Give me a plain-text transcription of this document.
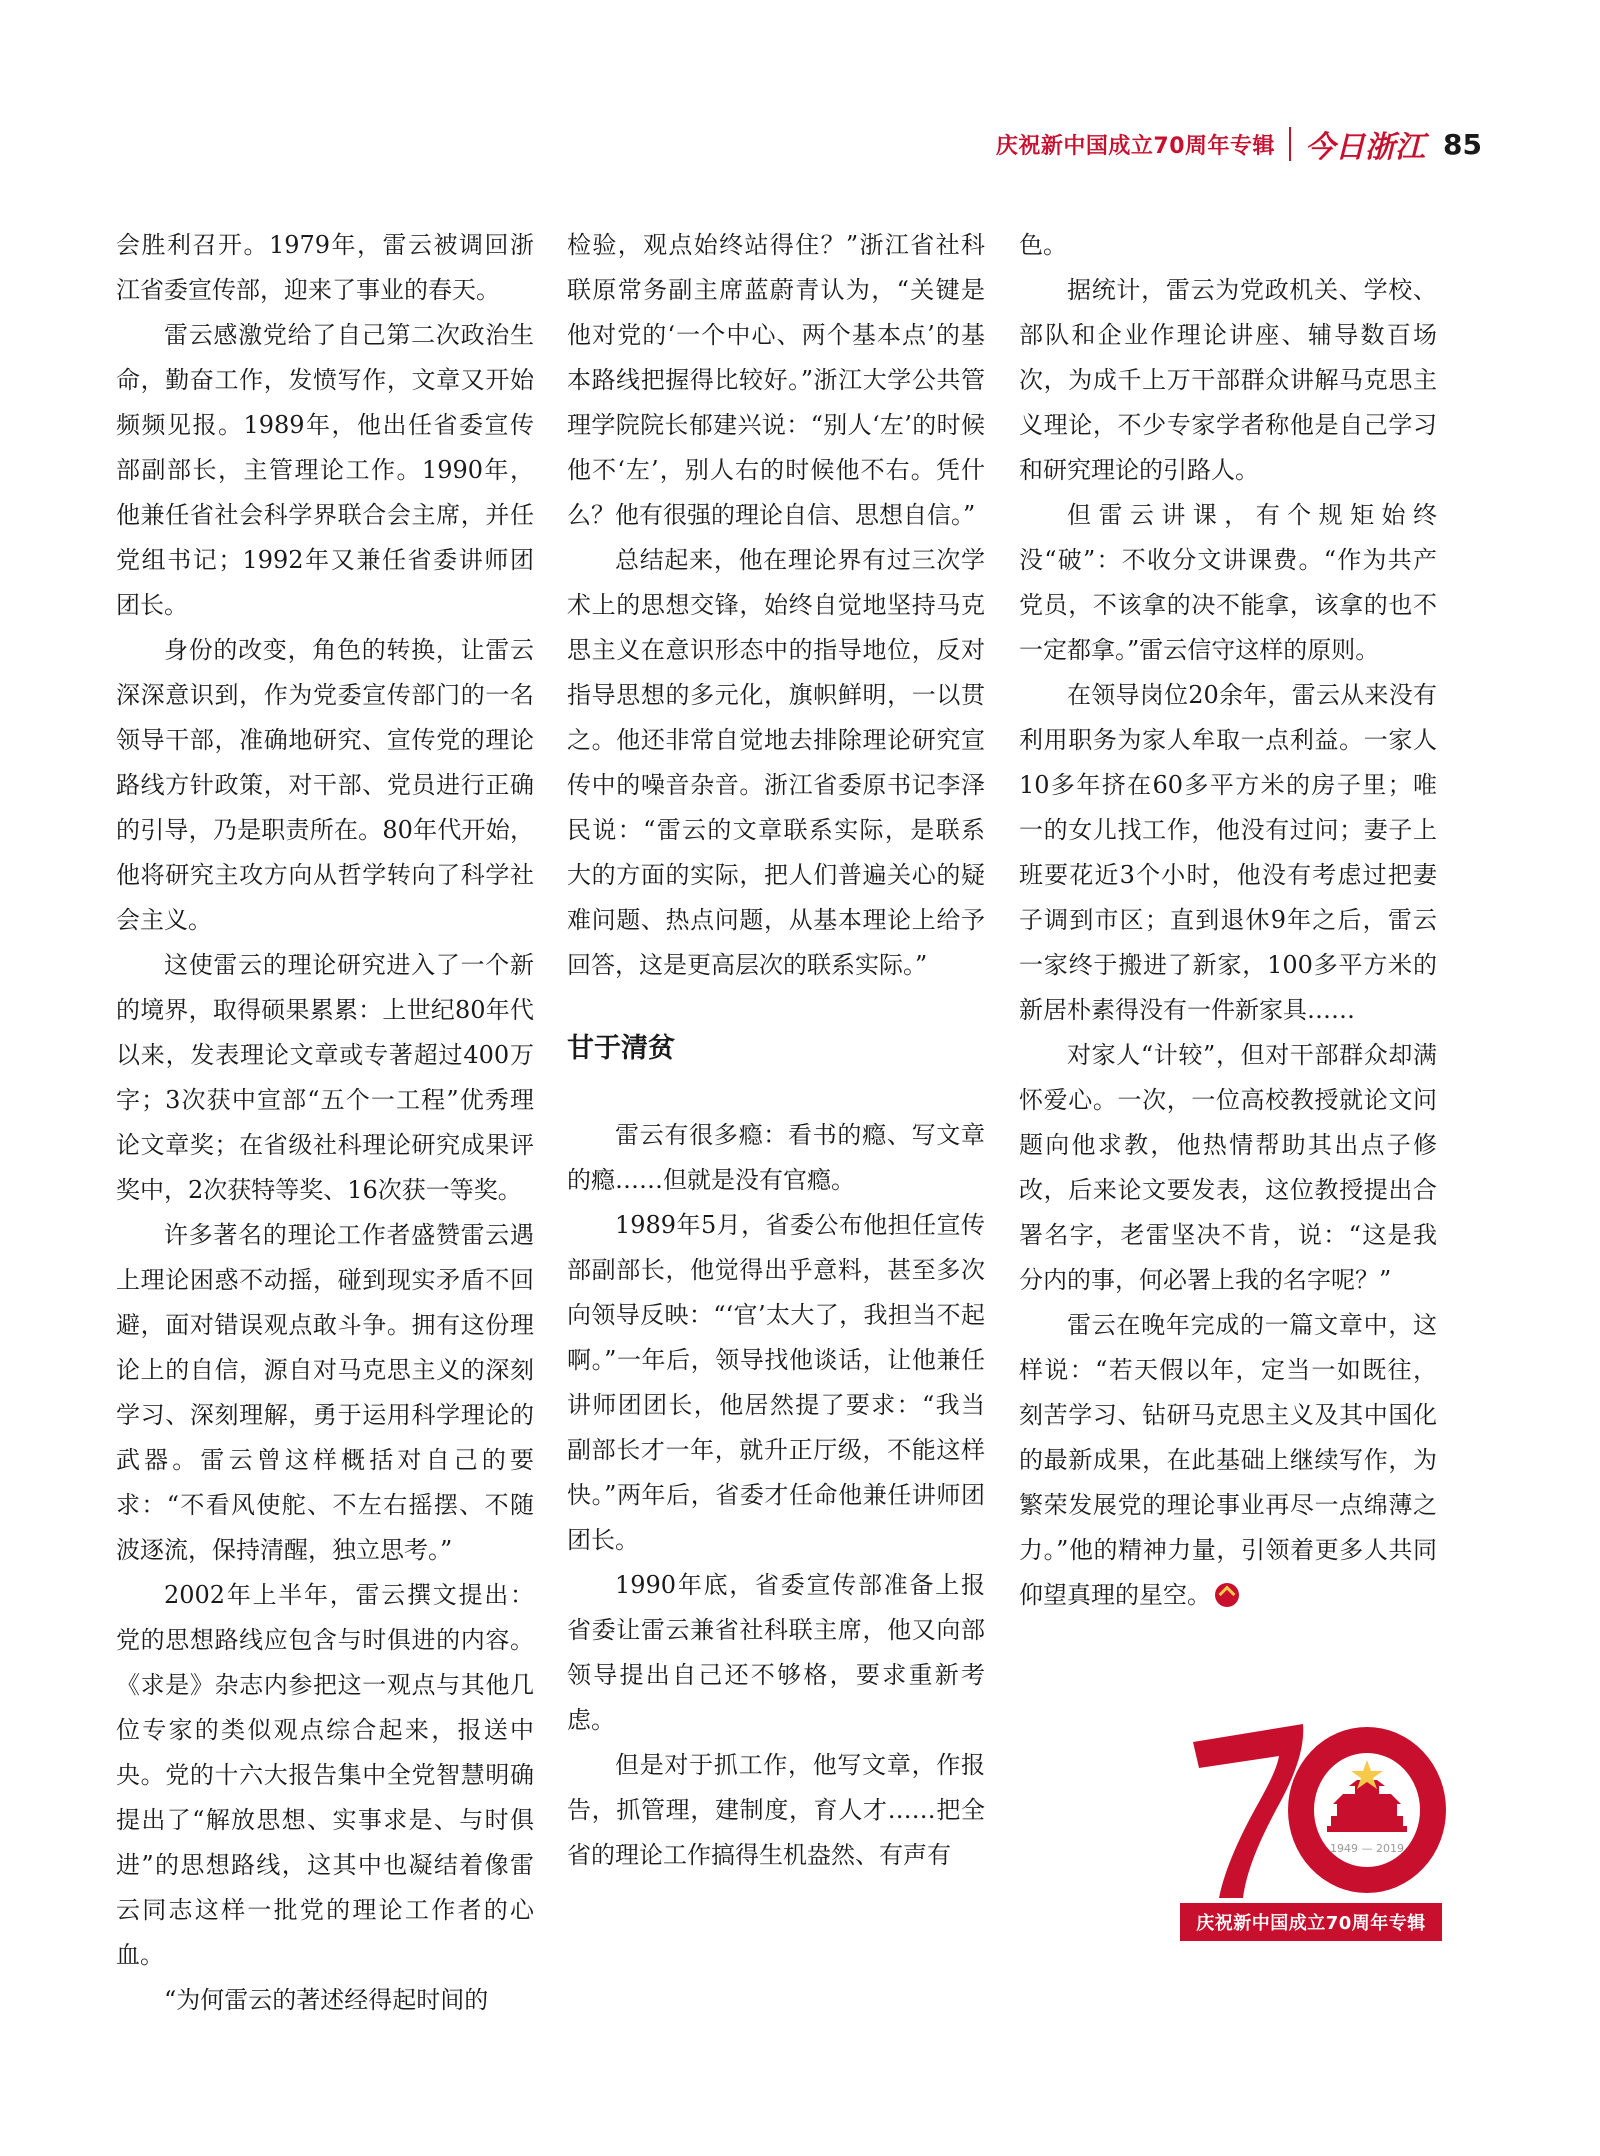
庆祝新中国成立70周年专辑 今日浙江 85

会胜利召开。1979年，雷云被调回浙江省委宣传部，迎来了事业的春天。

雷云感激党给了自己第二次政治生命，勤奋工作，发愤写作，文章又开始频频见报。1989年，他出任省委宣传部副部长，主管理论工作。1990年，他兼任省社会科学界联合会主席，并任党组书记；1992年又兼任省委讲师团团长。

身份的改变，角色的转换，让雷云深深意识到，作为党委宣传部门的一名领导干部，准确地研究、宣传党的理论路线方针政策，对干部、党员进行正确的引导，乃是职责所在。80年代开始，他将研究主攻方向从哲学转向了科学社会主义。

这使雷云的理论研究进入了一个新的境界，取得硕果累累：上世纪80年代以来，发表理论文章或专著超过400万字；3次获中宣部“五个一工程”优秀理论文章奖；在省级社科理论研究成果评奖中，2次获特等奖、16次获一等奖。

许多著名的理论工作者盛赞雷云遇上理论困惑不动摇，碰到现实矛盾不回避，面对错误观点敢斗争。拥有这份理论上的自信，源自对马克思主义的深刻学习、深刻理解，勇于运用科学理论的武器。雷云曾这样概括对自己的要求：“不看风使舵、不左右摇摆、不随波逐流，保持清醒，独立思考。”

2002年上半年，雷云撰文提出：党的思想路线应包含与时俱进的内容。《求是》杂志内参把这一观点与其他几位专家的类似观点综合起来，报送中央。党的十六大报告集中全党智慧明确提出了“解放思想、实事求是、与时俱进”的思想路线，这其中也凝结着像雷云同志这样一批党的理论工作者的心血。

“为何雷云的著述经得起时间的

检验，观点始终站得住？”浙江省社科联原常务副主席蓝蔚青认为，“关键是他对党的‘一个中心、两个基本点’的基本路线把握得比较好。”浙江大学公共管理学院院长郁建兴说：“别人‘左’的时候他不‘左’，别人右的时候他不右。凭什么？他有很强的理论自信、思想自信。”

总结起来，他在理论界有过三次学术上的思想交锋，始终自觉地坚持马克思主义在意识形态中的指导地位，反对指导思想的多元化，旗帜鲜明，一以贯之。他还非常自觉地去排除理论研究宣传中的噪音杂音。浙江省委原书记李泽民说：“雷云的文章联系实际，是联系大的方面的实际，把人们普遍关心的疑难问题、热点问题，从基本理论上给予回答，这是更高层次的联系实际。”

甘于清贫

雷云有很多瘾：看书的瘾、写文章的瘾……但就是没有官瘾。

1989年5月，省委公布他担任宣传部副部长，他觉得出乎意料，甚至多次向领导反映：“‘官’太大了，我担当不起啊。”一年后，领导找他谈话，让他兼任讲师团团长，他居然提了要求：“我当副部长才一年，就升正厅级，不能这样快。”两年后，省委才任命他兼任讲师团团长。

1990年底，省委宣传部准备上报省委让雷云兼省社科联主席，他又向部领导提出自己还不够格，要求重新考虑。

但是对于抓工作，他写文章，作报告，抓管理，建制度，育人才……把全省的理论工作搞得生机盎然、有声有

色。

据统计，雷云为党政机关、学校、部队和企业作理论讲座、辅导数百场次，为成千上万干部群众讲解马克思主义理论，不少专家学者称他是自己学习和研究理论的引路人。

但雷云讲课，有个规矩始终没“破”：不收分文讲课费。“作为共产党员，不该拿的决不能拿，该拿的也不一定都拿。”雷云信守这样的原则。

在领导岗位20余年，雷云从来没有利用职务为家人牟取一点利益。一家人10多年挤在60多平方米的房子里；唯一的女儿找工作，他没有过问；妻子上班要花近3个小时，他没有考虑过把妻子调到市区；直到退休9年之后，雷云一家终于搬进了新家，100多平方米的新居朴素得没有一件新家具……

对家人“计较”，但对干部群众却满怀爱心。一次，一位高校教授就论文问题向他求教，他热情帮助其出点子修改，后来论文要发表，这位教授提出合署名字，老雷坚决不肯，说：“这是我分内的事，何必署上我的名字呢？”

雷云在晚年完成的一篇文章中，这样说：“若天假以年，定当一如既往，刻苦学习、钻研马克思主义及其中国化的最新成果，在此基础上继续写作，为繁荣发展党的理论事业再尽一点绵薄之力。”他的精神力量，引领着更多人共同仰望真理的星空。

1949 — 2019
庆祝新中国成立70周年专辑
